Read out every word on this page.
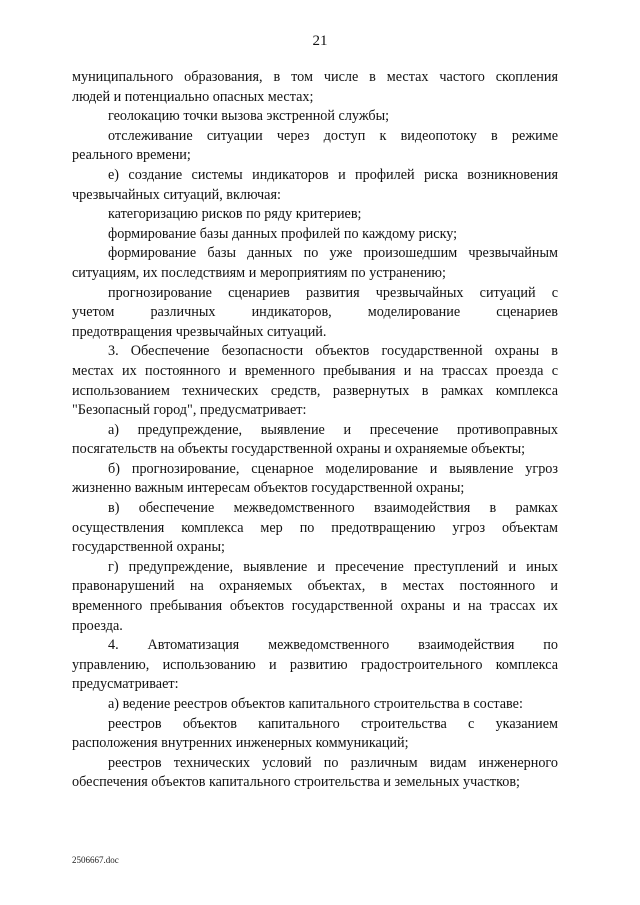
21
муниципального образования, в том числе в местах частого скопления
людей и потенциально опасных местах;
геолокацию точки вызова экстренной службы;
отслеживание ситуации через доступ к видеопотоку в режиме
реального времени;
е) создание системы индикаторов и профилей риска возникновения
чрезвычайных ситуаций, включая:
категоризацию рисков по ряду критериев;
формирование базы данных профилей по каждому риску;
формирование базы данных по уже произошедшим чрезвычайным
ситуациям, их последствиям и мероприятиям по устранению;
прогнозирование сценариев развития чрезвычайных ситуаций с
учетом различных индикаторов, моделирование сценариев
предотвращения чрезвычайных ситуаций.
3. Обеспечение безопасности объектов государственной охраны в
местах их постоянного и временного пребывания и на трассах проезда с
использованием технических средств, развернутых в рамках комплекса
"Безопасный город", предусматривает:
а) предупреждение, выявление и пресечение противоправных
посягательств на объекты государственной охраны и охраняемые объекты;
б) прогнозирование, сценарное моделирование и выявление угроз
жизненно важным интересам объектов государственной охраны;
в) обеспечение межведомственного взаимодействия в рамках
осуществления комплекса мер по предотвращению угроз объектам
государственной охраны;
г) предупреждение, выявление и пресечение преступлений и иных
правонарушений на охраняемых объектах, в местах постоянного и
временного пребывания объектов государственной охраны и на трассах их
проезда.
4. Автоматизация межведомственного взаимодействия по
управлению, использованию и развитию градостроительного комплекса
предусматривает:
а) ведение реестров объектов капитального строительства в составе:
реестров объектов капитального строительства с указанием
расположения внутренних инженерных коммуникаций;
реестров технических условий по различным видам инженерного
обеспечения объектов капитального строительства и земельных участков;
2506667.doc
